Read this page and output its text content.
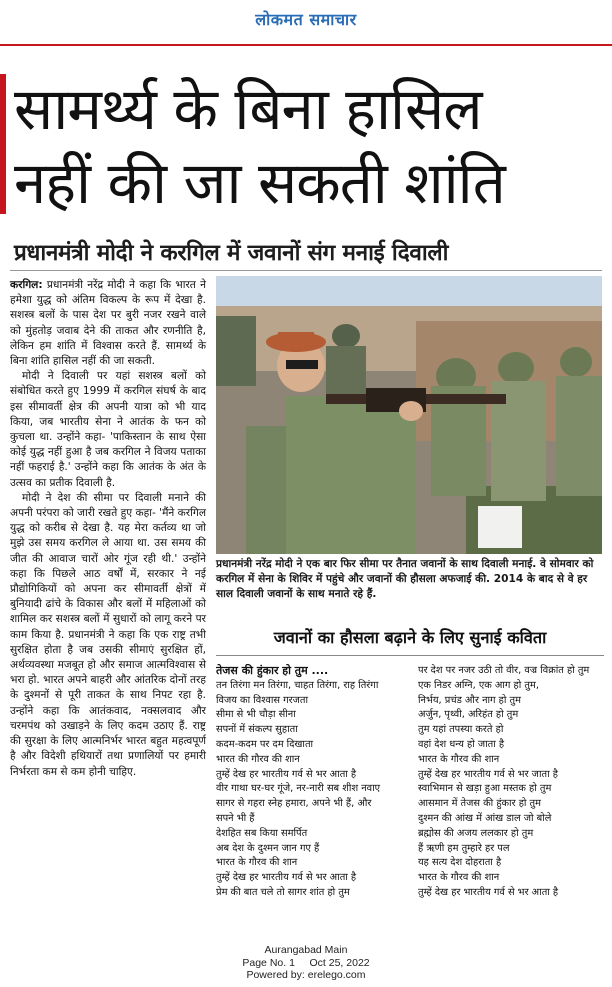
लोकमत समाचार
सामर्थ्य के बिना हासिल
नहीं की जा सकती शांति
प्रधानमंत्री मोदी ने करगिल में जवानों संग मनाई दिवाली

करगिल: प्रधानमंत्री नरेंद्र मोदी ने कहा कि भारत ने हमेशा युद्ध को अंतिम विकल्प के रूप में देखा है. सशस्त्र बलों के पास देश पर बुरी नजर रखने वाले को मुंहतोड़ जवाब देने की ताकत और रणनीति है, लेकिन हम शांति में विश्वास करते हैं. सामर्थ्य के बिना शांति हासिल नहीं की जा सकती.

मोदी ने दिवाली पर यहां सशस्त्र बलों को संबोधित करते हुए 1999 में करगिल संघर्ष के बाद इस सीमावर्ती क्षेत्र की अपनी यात्रा को भी याद किया, जब भारतीय सेना ने आतंक के फन को कुचला था. उन्होंने कहा- 'पाकिस्तान के साथ ऐसा कोई युद्ध नहीं हुआ है जब करगिल ने विजय पताका नहीं फहराई है.' उन्होंने कहा कि आतंक के अंत के उत्सव का प्रतीक दिवाली है.

मोदी ने देश की सीमा पर दिवाली मनाने की अपनी परंपरा को जारी रखते हुए कहा- 'मैंने करगिल युद्ध को करीब से देखा है. यह मेरा कर्तव्य था जो मुझे उस समय करगिल ले आया था. उस समय की जीत की आवाज चारों ओर गूंज रही थी.' उन्होंने कहा कि पिछले आठ वर्षों में, सरकार ने नई प्रौद्योगिकियों को अपना कर सीमावर्ती क्षेत्रों में बुनियादी ढांचे के विकास और बलों में महिलाओं को शामिल कर सशस्त्र बलों में सुधारों को लागू करने पर काम किया है. प्रधानमंत्री ने कहा कि एक राष्ट्र तभी सुरक्षित होता है जब उसकी सीमाएं सुरक्षित हों, अर्थव्यवस्था मजबूत हो और समाज आत्मविश्वास से भरा हो. भारत अपने बाहरी और आंतरिक दोनों तरह के दुश्मनों से पूरी ताकत के साथ निपट रहा है. उन्होंने कहा कि आतंकवाद, नक्सलवाद और चरमपंथ को उखाड़ने के लिए कदम उठाए हैं. राष्ट्र की सुरक्षा के लिए आत्मनिर्भर भारत बहुत महत्वपूर्ण है और विदेशी हथियारों तथा प्रणालियों पर हमारी निर्भरता कम से कम होनी चाहिए.

प्रधानमंत्री नरेंद्र मोदी ने एक बार फिर सीमा पर तैनात जवानों के साथ दिवाली मनाई. वे सोमवार को करगिल में सेना के शिविर में पहुंचे और जवानों की हौसला अफजाई की. 2014 के बाद से वे हर साल दिवाली जवानों के साथ मनाते रहे हैं.
जवानों का हौसला बढ़ाने के लिए सुनाई कविता
तेजस की हुंकार हो तुम ....
तन तिरंगा मन तिरंगा, चाहत तिरंगा, राह तिरंगा
विजय का विश्वास गरजता
सीमा से भी चौड़ा सीना
सपनों में संकल्प सुहाता
कदम-कदम पर दम दिखाता
भारत की गौरव की शान
तुम्हें देख हर भारतीय गर्व से भर आता है
वीर गाथा घर-घर गूंजे, नर-नारी सब शीश नवाए
सागर से गहरा स्नेह हमारा, अपने भी हैं, और
सपने भी हैं
देशहित सब किया समर्पित
अब देश के दुश्मन जान गए हैं
भारत के गौरव की शान
तुम्हें देख हर भारतीय गर्व से भर आता है
प्रेम की बात चले तो सागर शांत हो तुम
पर देश पर नजर उठी तो वीर, वज्र विक्रांत हो तुम
एक निडर अग्नि, एक आग हो तुम,
निर्भय, प्रचंड और नाग हो तुम
अर्जुन, पृथ्वी, अरिहंत हो तुम
तुम यहां तपस्या करते हो
वहां देश धन्य हो जाता है
भारत के गौरव की शान
तुम्हें देख हर भारतीय गर्व से भर जाता है
स्वाभिमान से खड़ा हुआ मस्तक हो तुम
आसमान में तेजस की हुंकार हो तुम
दुश्मन की आंख में आंख डाल जो बोले
ब्रह्मोस की अजय ललकार हो तुम
हैं ऋणी हम तुम्हारे हर पल
यह सत्य देश दोहराता है
भारत के गौरव की शान
तुम्हें देख हर भारतीय गर्व से भर आता है
Aurangabad Main
Page No. 1     Oct 25, 2022
Powered by: erelego.com
